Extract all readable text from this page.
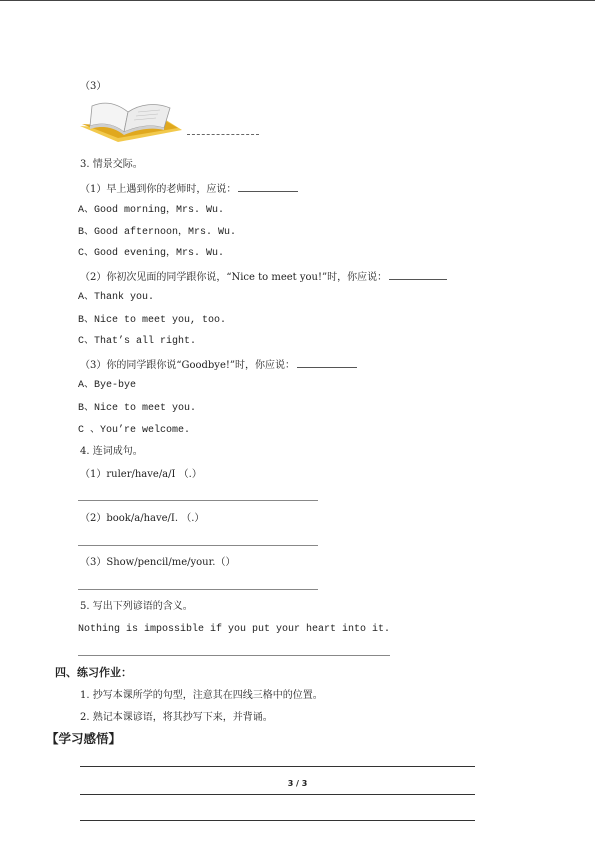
（3）
3. 情景交际。
（1）早上遇到你的老师时，应说：
A、Good morning，Mrs. Wu.
B、Good afternoon，Mrs. Wu.
C、Good evening，Mrs. Wu.
（2）你初次见面的同学跟你说，“Nice to meet you!”时，你应说：
A、Thank you.
B、Nice to meet you, too.
C、That’s all right.
（3）你的同学跟你说“Goodbye!”时，你应说：
A、Bye-bye
B、Nice to meet you.
C 、You’re welcome.
4. 连词成句。
（1）ruler/have/a/I （.）
（2）book/a/have/I. （.）
（3）Show/pencil/me/your.（）
5. 写出下列谚语的含义。
Nothing is impossible if you put your heart into it.
四、练习作业：
1. 抄写本课所学的句型，注意其在四线三格中的位置。
2. 熟记本课谚语，将其抄写下来，并背诵。
【学习感悟】
3 / 3
